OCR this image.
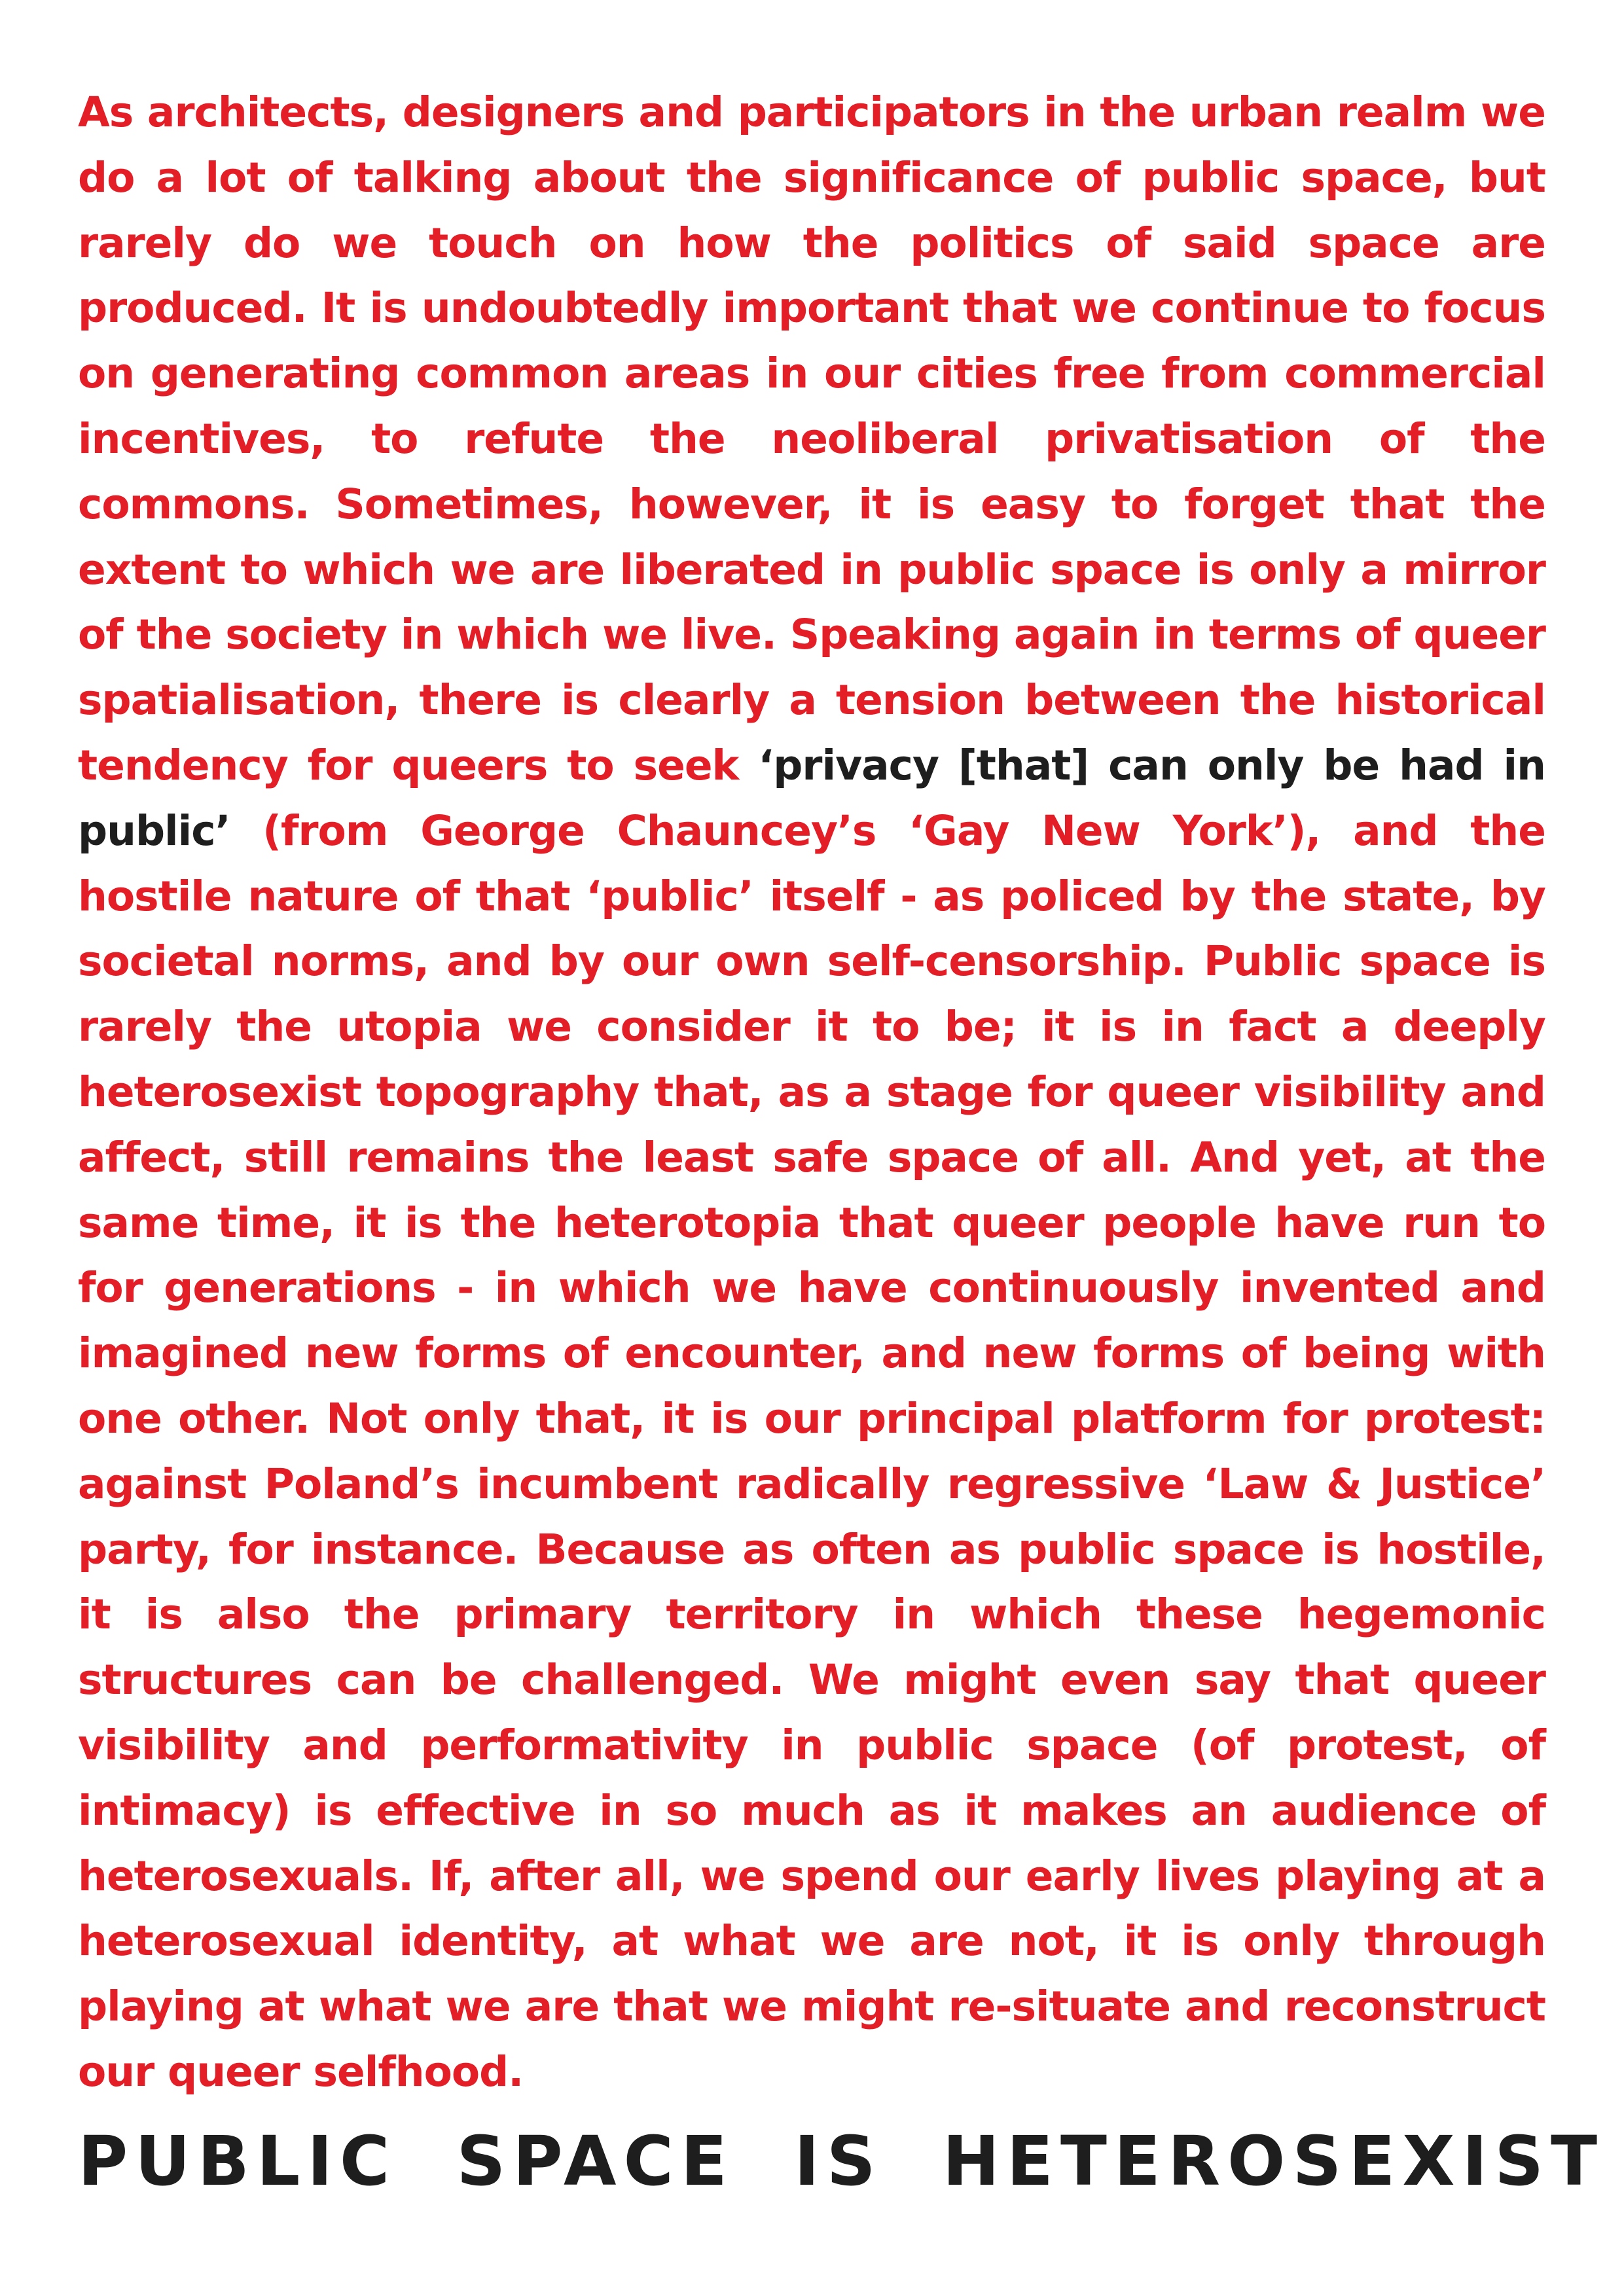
As architects, designers and participators in the urban realm we do a lot of talking about the significance of public space, but rarely do we touch on how the politics of said space are produced. It is undoubtedly important that we continue to focus on generating common areas in our cities free from commercial incentives, to refute the neoliberal privatisation of the commons. Sometimes, however, it is easy to forget that the extent to which we are liberated in public space is only a mirror of the society in which we live. Speaking again in terms of queer spatialisation, there is clearly a tension between the historical tendency for queers to seek ‘privacy [that] can only be had in public’ (from George Chauncey’s ‘Gay New York’), and the hostile nature of that ‘public’ itself - as policed by the state, by societal norms, and by our own self-censorship. Public space is rarely the utopia we consider it to be; it is in fact a deeply heterosexist topography that, as a stage for queer visibility and affect, still remains the least safe space of all. And yet, at the same time, it is the heterotopia that queer people have run to for generations - in which we have continuously invented and imagined new forms of encounter, and new forms of being with one other. Not only that, it is our principal platform for protest: against Poland’s incumbent radically regressive ‘Law & Justice’ party, for instance. Because as often as public space is hostile, it is also the primary territory in which these hegemonic structures can be challenged. We might even say that queer visibility and performativity in public space (of protest, of intimacy) is effective in so much as it makes an audience of heterosexuals. If, after all, we spend our early lives playing at a heterosexual identity, at what we are not, it is only through playing at what we are that we might re-situate and reconstruct our queer selfhood.

PUBLIC SPACE IS HETEROSEXIST
